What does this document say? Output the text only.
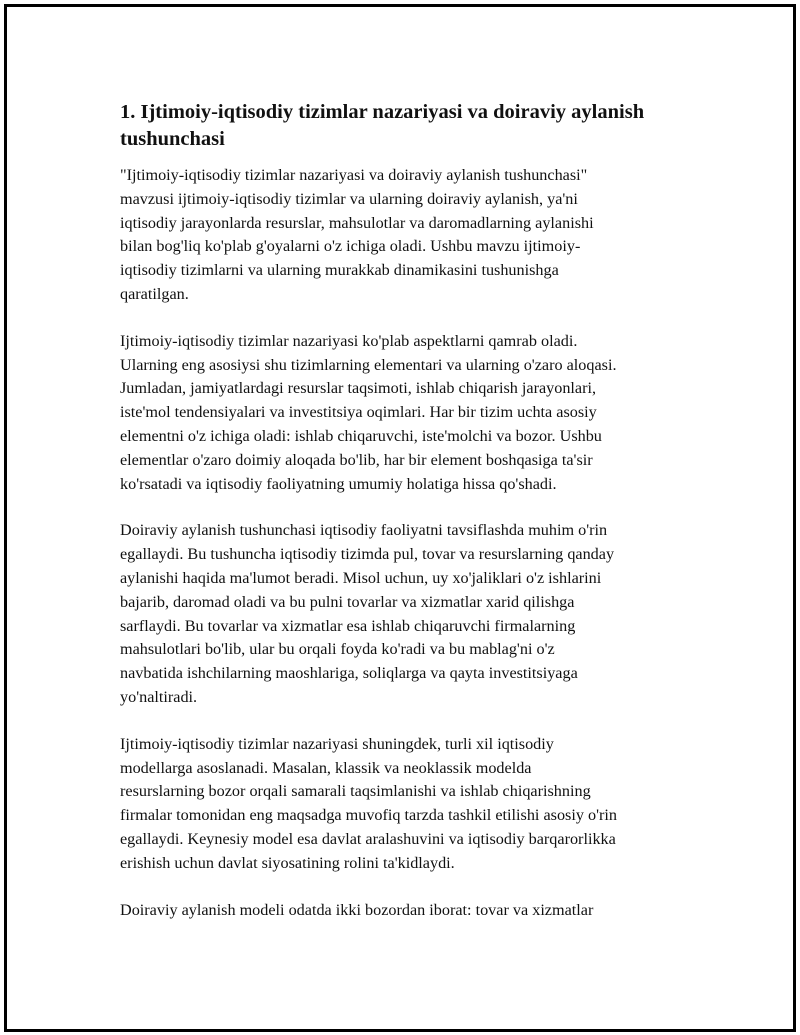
1. Ijtimoiy-iqtisodiy tizimlar nazariyasi va doiraviy aylanish
tushunchasi

"Ijtimoiy-iqtisodiy tizimlar nazariyasi va doiraviy aylanish tushunchasi"
mavzusi ijtimoiy-iqtisodiy tizimlar va ularning doiraviy aylanish, ya'ni
iqtisodiy jarayonlarda resurslar, mahsulotlar va daromadlarning aylanishi
bilan bog'liq ko'plab g'oyalarni o'z ichiga oladi. Ushbu mavzu ijtimoiy-
iqtisodiy tizimlarni va ularning murakkab dinamikasini tushunishga
qaratilgan.

Ijtimoiy-iqtisodiy tizimlar nazariyasi ko'plab aspektlarni qamrab oladi.
Ularning eng asosiysi shu tizimlarning elementari va ularning o'zaro aloqasi.
Jumladan, jamiyatlardagi resurslar taqsimoti, ishlab chiqarish jarayonlari,
iste'mol tendensiyalari va investitsiya oqimlari. Har bir tizim uchta asosiy
elementni o'z ichiga oladi: ishlab chiqaruvchi, iste'molchi va bozor. Ushbu
elementlar o'zaro doimiy aloqada bo'lib, har bir element boshqasiga ta'sir
ko'rsatadi va iqtisodiy faoliyatning umumiy holatiga hissa qo'shadi.

Doiraviy aylanish tushunchasi iqtisodiy faoliyatni tavsiflashda muhim o'rin
egallaydi. Bu tushuncha iqtisodiy tizimda pul, tovar va resurslarning qanday
aylanishi haqida ma'lumot beradi. Misol uchun, uy xo'jaliklari o'z ishlarini
bajarib, daromad oladi va bu pulni tovarlar va xizmatlar xarid qilishga
sarflaydi. Bu tovarlar va xizmatlar esa ishlab chiqaruvchi firmalarning
mahsulotlari bo'lib, ular bu orqali foyda ko'radi va bu mablag'ni o'z
navbatida ishchilarning maoshlariga, soliqlarga va qayta investitsiyaga
yo'naltiradi.

Ijtimoiy-iqtisodiy tizimlar nazariyasi shuningdek, turli xil iqtisodiy
modellarga asoslanadi. Masalan, klassik va neoklassik modelda
resurslarning bozor orqali samarali taqsimlanishi va ishlab chiqarishning
firmalar tomonidan eng maqsadga muvofiq tarzda tashkil etilishi asosiy o'rin
egallaydi. Keynesiy model esa davlat aralashuvini va iqtisodiy barqarorlikka
erishish uchun davlat siyosatining rolini ta'kidlaydi.

Doiraviy aylanish modeli odatda ikki bozordan iborat: tovar va xizmatlar
